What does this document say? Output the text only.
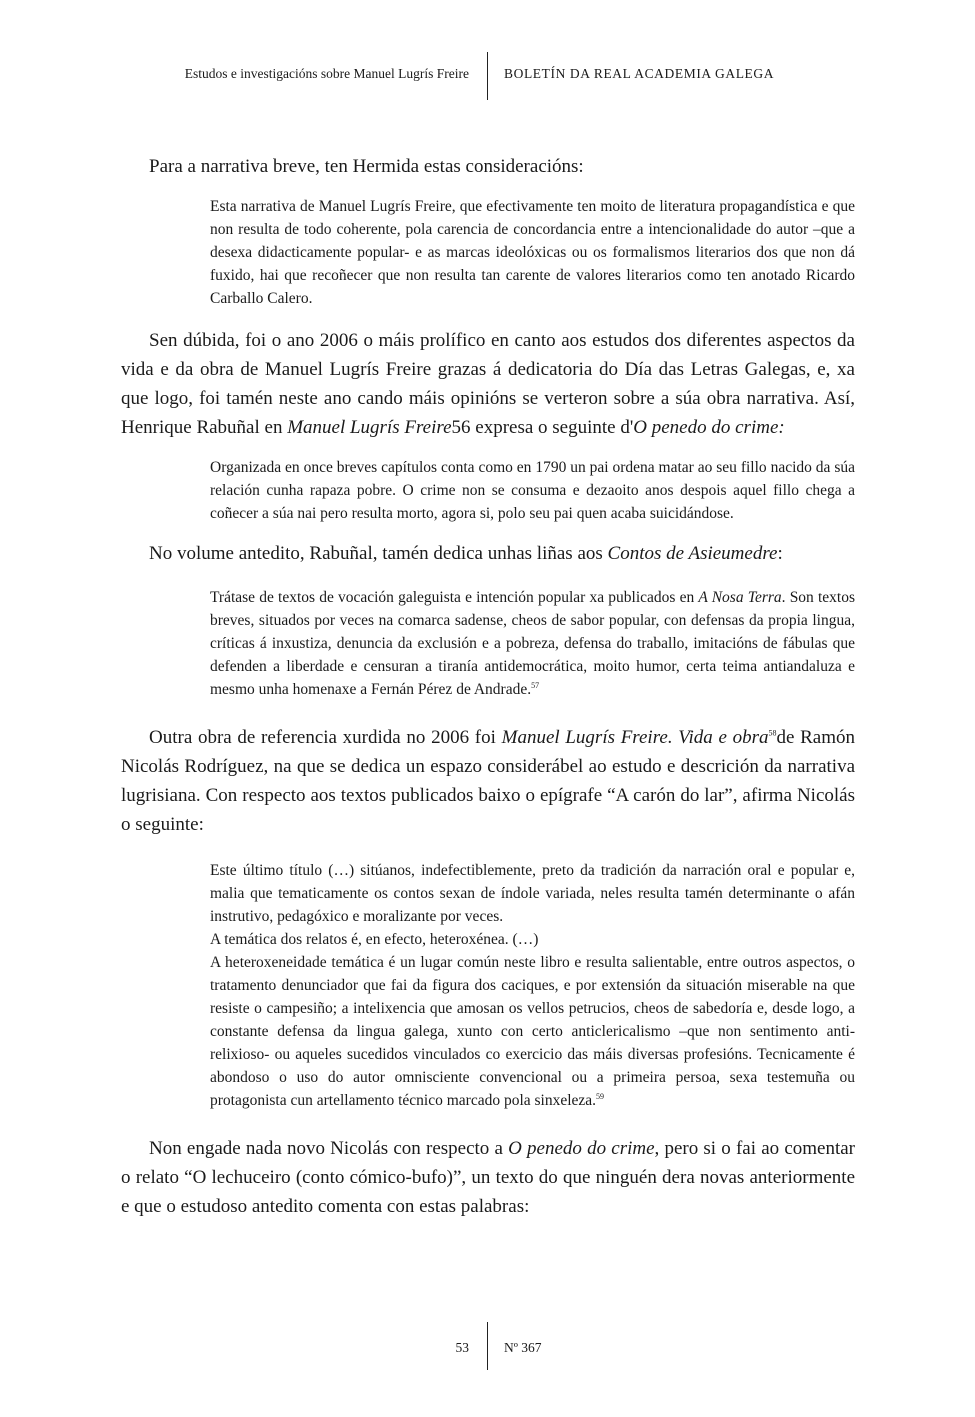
Estudos e investigacións sobre Manuel Lugrís Freire	BOLETÍN DA REAL ACADEMIA GALEGA

Para a narrativa breve, ten Hermida estas consideracións:

Esta narrativa de Manuel Lugrís Freire, que efectivamente ten moito de literatura propagandística e que non resulta de todo coherente, pola carencia de concordancia entre a intencionalidade do autor –que a desexa didacticamente popular- e as marcas ideolóxicas ou os formalismos literarios dos que non dá fuxido, hai que recoñecer que non resulta tan carente de valores literarios como ten anotado Ricardo Carballo Calero.

Sen dúbida, foi o ano 2006 o máis prolífico en canto aos estudos dos diferentes aspectos da vida e da obra de Manuel Lugrís Freire grazas á dedicatoria do Día das Letras Galegas, e, xa que logo, foi tamén neste ano cando máis opinións se verteron sobre a súa obra narrativa. Así, Henrique Rabuñal en Manuel Lugrís Freire56 expresa o seguinte d'O penedo do crime:

Organizada en once breves capítulos conta como en 1790 un pai ordena matar ao seu fillo nacido da súa relación cunha rapaza pobre. O crime non se consuma e dezaoito anos despois aquel fillo chega a coñecer a súa nai pero resulta morto, agora si, polo seu pai quen acaba suicidándose.

No volume antedito, Rabuñal, tamén dedica unhas liñas aos Contos de Asieumedre:

Trátase de textos de vocación galeguista e intención popular xa publicados en A Nosa Terra. Son textos breves, situados por veces na comarca sadense, cheos de sabor popular, con defensas da propia lingua, críticas á inxustiza, denuncia da exclusión e a pobreza, defensa do traballo, imitacións de fábulas que defenden a liberdade e censuran a tiranía antidemocrática, moito humor, certa teima antiandaluza e mesmo unha homenaxe a Fernán Pérez de Andrade.$^{57}$

Outra obra de referencia xurdida no 2006 foi Manuel Lugrís Freire. Vida e obra$^{58}$de Ramón Nicolás Rodríguez, na que se dedica un espazo considerábel ao estudo e descrición da narrativa lugrisiana. Con respecto aos textos publicados baixo o epígrafe “A carón do lar”, afirma Nicolás o seguinte:

Este último título (…) sitúanos, indefectiblemente, preto da tradición da narración oral e popular e, malia que tematicamente os contos sexan de índole variada, neles resulta tamén determinante o afán instrutivo, pedagóxico e moralizante por veces.

A temática dos relatos é, en efecto, heteroxénea. (…)

A heteroxeneidade temática é un lugar común neste libro e resulta salientable, entre outros aspectos, o tratamento denunciador que fai da figura dos caciques, e por extensión da situación miserable na que resiste o campesiño; a intelixencia que amosan os vellos petrucios, cheos de sabedoría e, desde logo, a constante defensa da lingua galega, xunto con certo anticlericalismo –que non sentimento anti-relixioso- ou aqueles sucedidos vinculados co exercicio das máis diversas profesións. Tecnicamente é abondoso o uso do autor omnisciente convencional ou a primeira persoa, sexa testemuña ou protagonista cun artellamento técnico marcado pola sinxeleza.$^{59}$

Non engade nada novo Nicolás con respecto a O penedo do crime, pero si o fai ao comentar o relato “O lechuceiro (conto cómico-bufo)”, un texto do que ninguén dera novas anteriormente e que o estudoso antedito comenta con estas palabras:

53	Nº 367
